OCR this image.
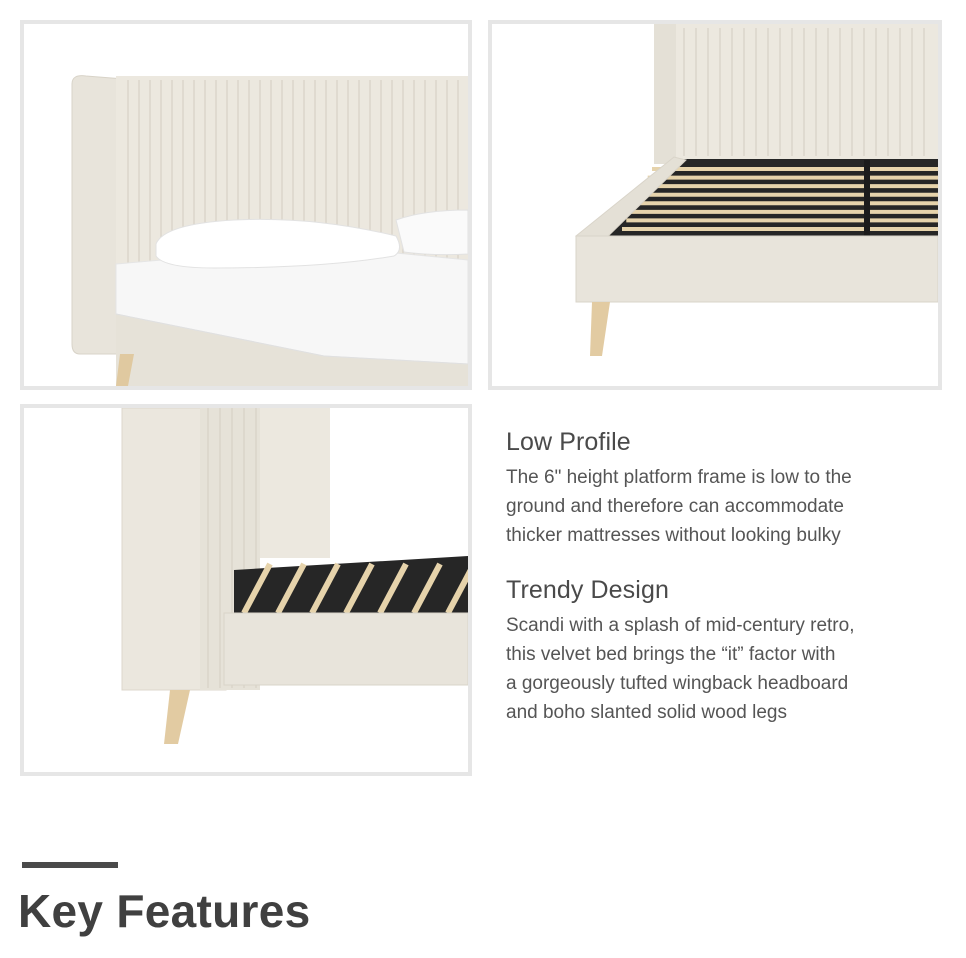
Low Profile

The 6" height platform frame is low to the
ground and therefore can accommodate
thicker mattresses without looking bulky

Trendy Design

Scandi with a splash of mid-century retro,
this velvet bed brings the “it” factor with
a gorgeously tufted wingback headboard
and boho slanted solid wood legs

Key Features
